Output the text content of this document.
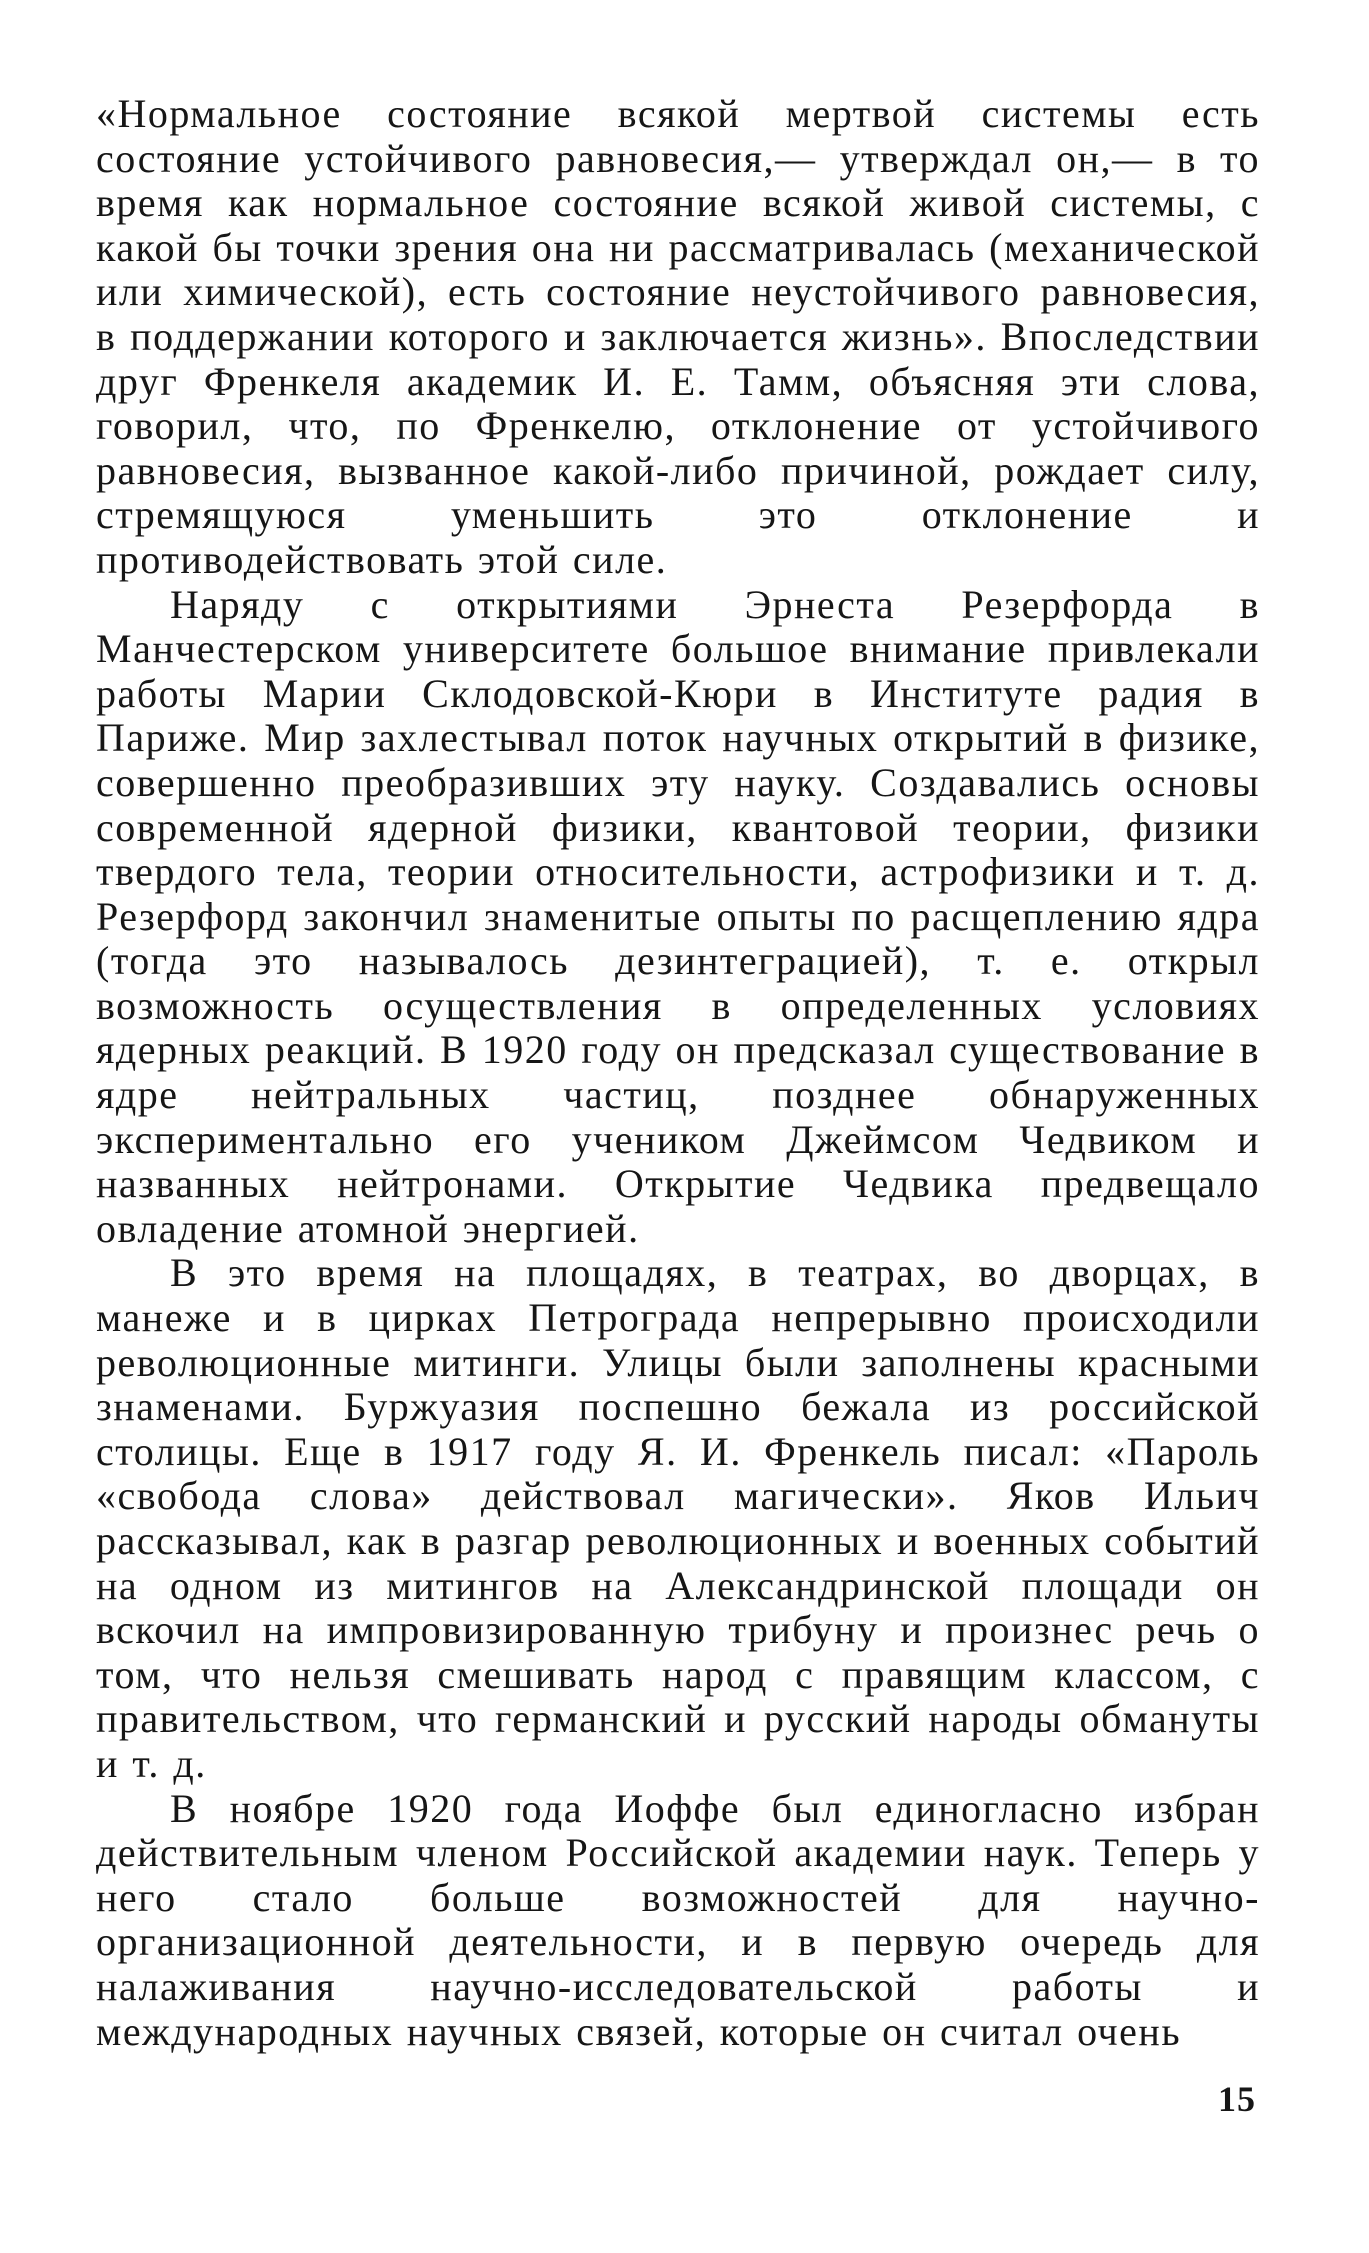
«Нормальное состояние всякой мертвой системы есть состояние устойчивого равновесия,— утверждал он,— в то время как нормальное состояние всякой живой системы, с какой бы точки зрения она ни рассматривалась (механической или химической), есть состояние неустойчивого равновесия, в поддержании которого и заключается жизнь». Впоследствии друг Френкеля академик И. Е. Тамм, объясняя эти слова, говорил, что, по Френкелю, отклонение от устойчивого равновесия, вызванное какой-либо причиной, рождает силу, стремящуюся уменьшить это отклонение и противодействовать этой силе.

Наряду с открытиями Эрнеста Резерфорда в Манчестерском университете большое внимание привлекали работы Марии Склодовской-Кюри в Институте радия в Париже. Мир захлестывал поток научных открытий в физике, совершенно преобразивших эту науку. Создавались основы современной ядерной физики, квантовой теории, физики твердого тела, теории относительности, астрофизики и т. д. Резерфорд закончил знаменитые опыты по расщеплению ядра (тогда это называлось дезинтеграцией), т. е. открыл возможность осуществления в определенных условиях ядерных реакций. В 1920 году он предсказал существование в ядре нейтральных частиц, позднее обнаруженных экспериментально его учеником Джеймсом Чедвиком и названных нейтронами. Открытие Чедвика предвещало овладение атомной энергией.

В это время на площадях, в театрах, во дворцах, в манеже и в цирках Петрограда непрерывно происходили революционные митинги. Улицы были заполнены красными знаменами. Буржуазия поспешно бежала из российской столицы. Еще в 1917 году Я. И. Френкель писал: «Пароль «свобода слова» действовал магически». Яков Ильич рассказывал, как в разгар революционных и военных событий на одном из митингов на Александринской площади он вскочил на импровизированную трибуну и произнес речь о том, что нельзя смешивать народ с правящим классом, с правительством, что германский и русский народы обмануты и т. д.

В ноябре 1920 года Иоффе был единогласно избран действительным членом Российской академии наук. Теперь у него стало больше возможностей для научно-организационной деятельности, и в первую очередь для налаживания научно-исследовательской работы и международных научных связей, которые он считал очень

15
